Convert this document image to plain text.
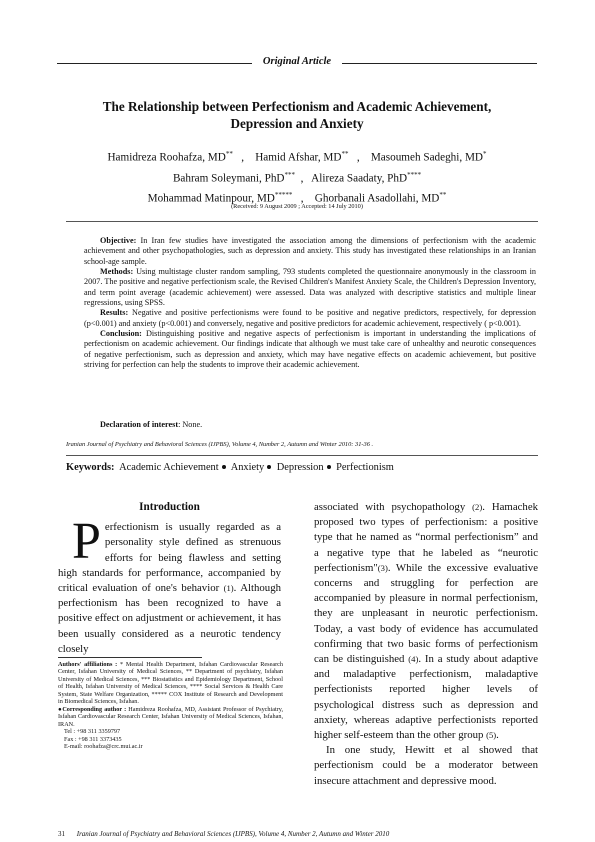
Original Article
The Relationship between Perfectionism and Academic Achievement,
Depression and Anxiety
Hamidreza Roohafza, MD**   ,    Hamid Afshar, MD**   ,    Masoumeh Sadeghi, MD*
Bahram Soleymani, PhD***  ,   Alireza Saadaty, PhD****
Mohammad Matinpour, MD*****   ,    Ghorbanali Asadollahi, MD**
(Received: 9 August 2009 ; Accepted: 14 July 2010)

Objective: In Iran few studies have investigated the association among the dimensions of perfectionism with the academic achievement and other psychopathologies, such as depression and anxiety. This study has investigated these relationships in an Iranian school-age sample.

Methods: Using multistage cluster random sampling, 793 students completed the questionnaire anonymously in the classroom in 2007. The positive and negative perfectionism scale, the Revised Children's Manifest Anxiety Scale, the Children's Depression Inventory, and term point average (academic achievement) were assessed. Data was analyzed with descriptive statistics and multiple linear regressions, using SPSS.

Results: Negative and positive perfectionisms were found to be positive and negative predictors, respectively, for depression (p<0.001) and anxiety (p<0.001) and conversely, negative and positive predictors for academic achievement, respectively ( p<0.001).

Conclusion: Distinguishing positive and negative aspects of perfectionism is important in understanding the implications of perfectionism on academic achievement. Our findings indicate that although we must take care of unhealthy and neurotic consequences of negative perfectionism, such as depression and anxiety, which may have negative effects on academic achievement, but positive striving for perfection can help the students to improve their academic achievement.

Declaration of interest: None.
Iranian Journal of Psychiatry and Behavioral Sciences (IJPBS), Volume 4, Number 2, Autumn and Winter 2010: 31-36 .
Keywords: Academic Achievement Anxiety Depression Perfectionism
Introduction
P erfectionism is usually regarded as a personality style defined as strenuous efforts for being flawless and setting high standards for performance, accompanied by critical evaluation of one's behavior (1). Although perfectionism has been recognized to have a positive effect on adjustment or achievement, it has been usually considered as a neurotic tendency closely

associated with psychopathology (2). Hamachek proposed two types of perfectionism: a positive type that he named as “normal perfectionism” and a negative type that he labeled as “neurotic perfectionism"(3). While the excessive evaluative concerns and struggling for perfection are accompanied by pleasure in normal perfectionism, they are unpleasant in neurotic perfectionism. Today, a vast body of evidence has accumulated confirming that two basic forms of perfectionism can be distinguished (4). In a study about adaptive and maladaptive perfectionism, maladaptive perfectionists reported higher levels of psychological distress such as depression and anxiety, whereas adaptive perfectionists reported higher self-esteem than the other group (5).

In one study, Hewitt et al showed that perfectionism could be a moderator between insecure attachment and depressive mood.

Authors' affiliations : * Mental Health Department, Isfahan Cardiovascular Research Center, Isfahan University of Medical Sciences, ** Department of psychiatry, Isfahan University of Medical Sciences, *** Biostatistics and Epidemiology Department, School of Health, Isfahan University of Medical Sciences, **** Social Services & Health Care System, State Welfare Organization, ***** COX Institute of Research and Development in Biomedical Sciences, Isfahan.

●Corresponding author : Hamidreza Roohafza, MD, Assistant Professor of Psychiatry, Isfahan Cardiovascular Research Center, Isfahan University of Medical Sciences, Isfahan, IRAN.

Tel : +98 311 3359797

Fax : +98 311 3373435

E-mail: roohafza@crc.mui.ac.ir

31 Iranian Journal of Psychiatry and Behavioral Sciences (IJPBS), Volume 4, Number 2, Autumn and Winter 2010
